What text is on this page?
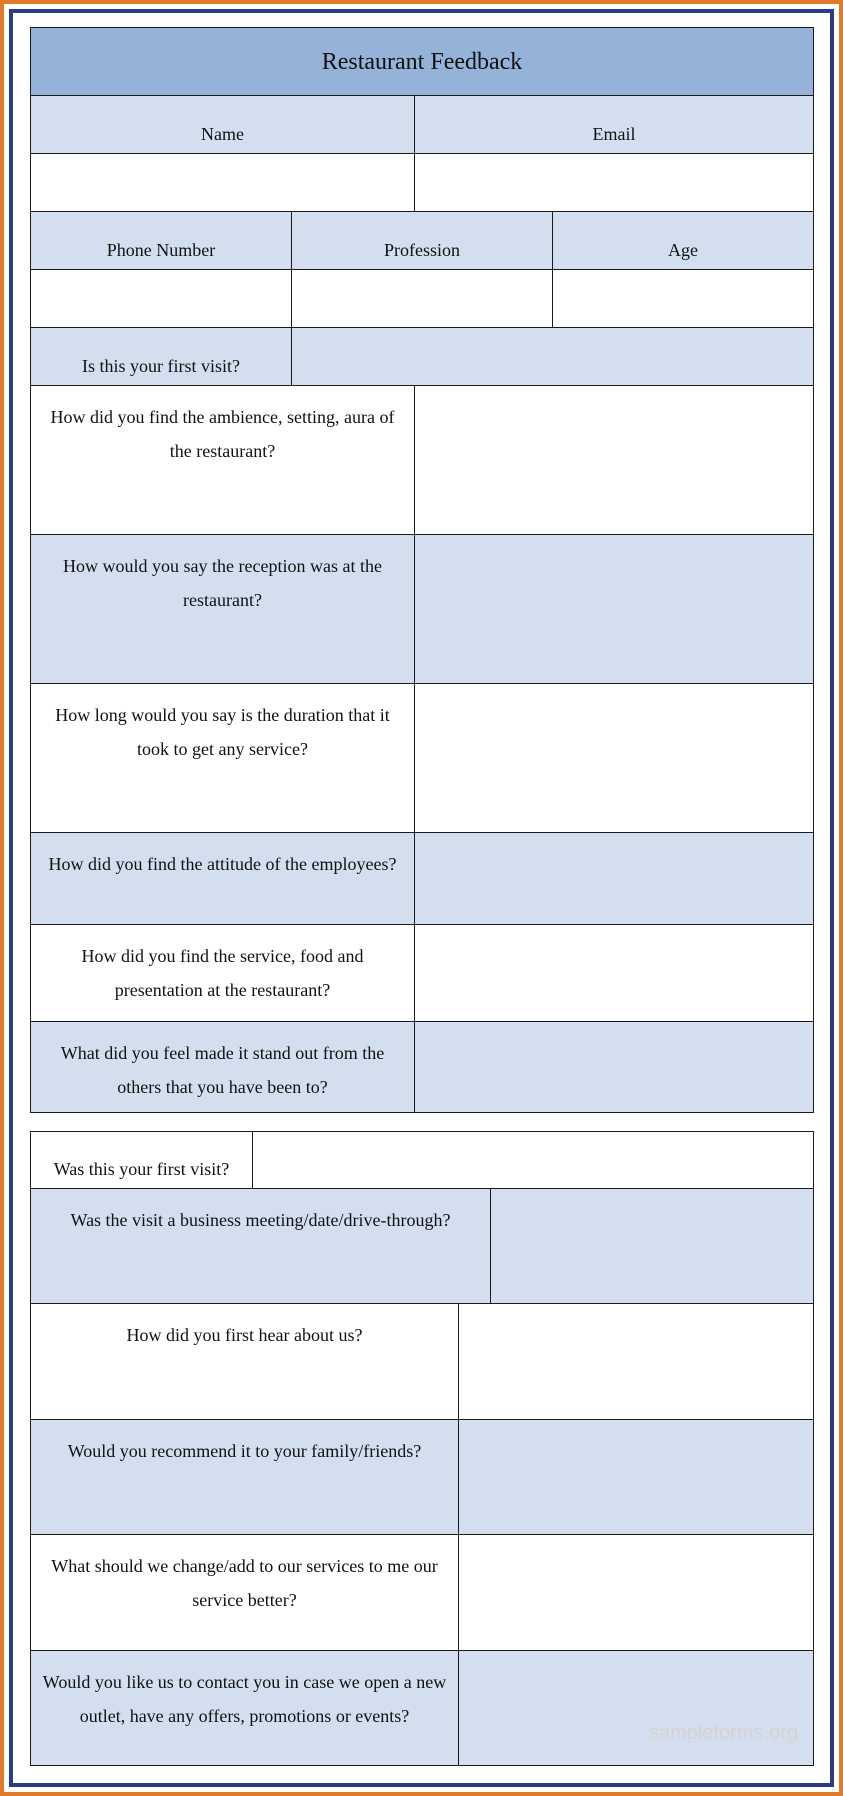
Restaurant Feedback			
Name		Email	

Phone Number	Profession		Age

Is this your first visit?			
How did you find the ambience, setting, aura of the restaurant?			
How would you say the reception was at the restaurant?			
How long would you say is the duration that it took to get any service?			
How did you find the attitude of the employees?			
How did you find the service, food and presentation at the restaurant?			
What did you feel made it stand out from the others that you have been to?			
Was this your first visit?		
Was the visit a business meeting/date/drive-through?		
How did you first hear about us?	
Would you recommend it to your family/friends?	
What should we change/add to our services to me our service better?	
Would you like us to contact you in case we open a new outlet, have any offers, promotions or events?	
sampleforms.org
